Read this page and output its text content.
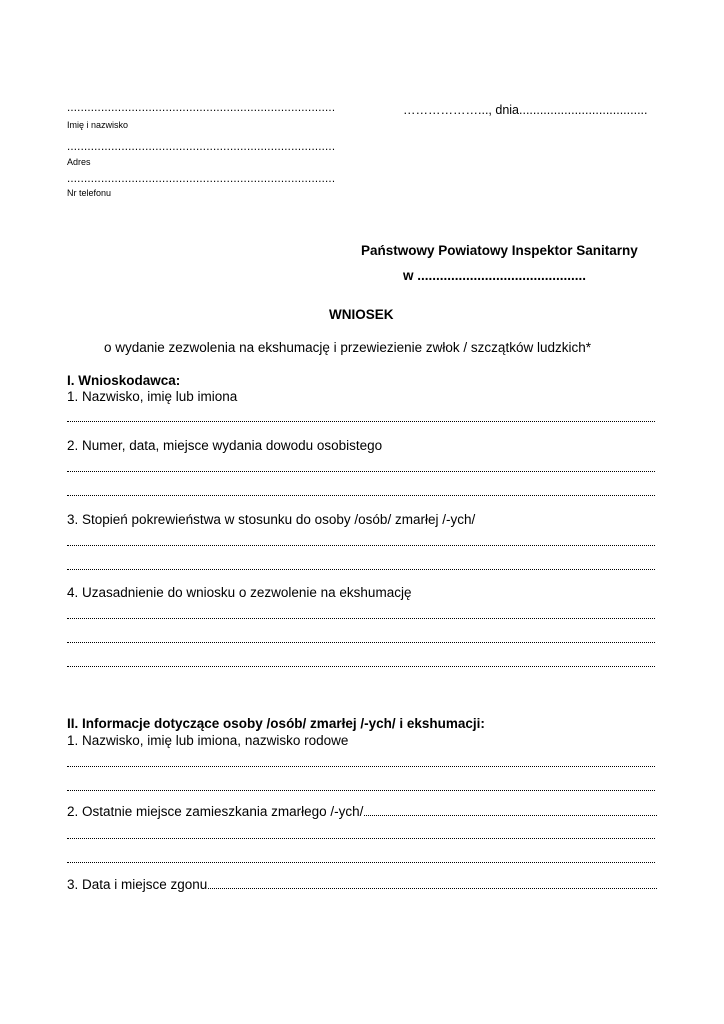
...............................................................................
Imię i nazwisko
...............................................................................
Adres
...............................................................................
Nr telefonu
………………..., dnia.....................................
Państwowy Powiatowy Inspektor Sanitarny
w .............................................
WNIOSEK
o wydanie zezwolenia na ekshumację i przewiezienie zwłok / szczątków ludzkich*
I. Wnioskodawca:
1. Nazwisko, imię lub imiona
2. Numer, data, miejsce wydania dowodu osobistego
3. Stopień pokrewieństwa w stosunku do osoby /osób/ zmarłej /-ych/
4. Uzasadnienie do wniosku o zezwolenie na ekshumację
II. Informacje dotyczące osoby /osób/ zmarłej /-ych/ i ekshumacji:
1. Nazwisko, imię lub imiona, nazwisko rodowe
2. Ostatnie miejsce zamieszkania zmarłego /-ych/
3. Data i miejsce zgonu
